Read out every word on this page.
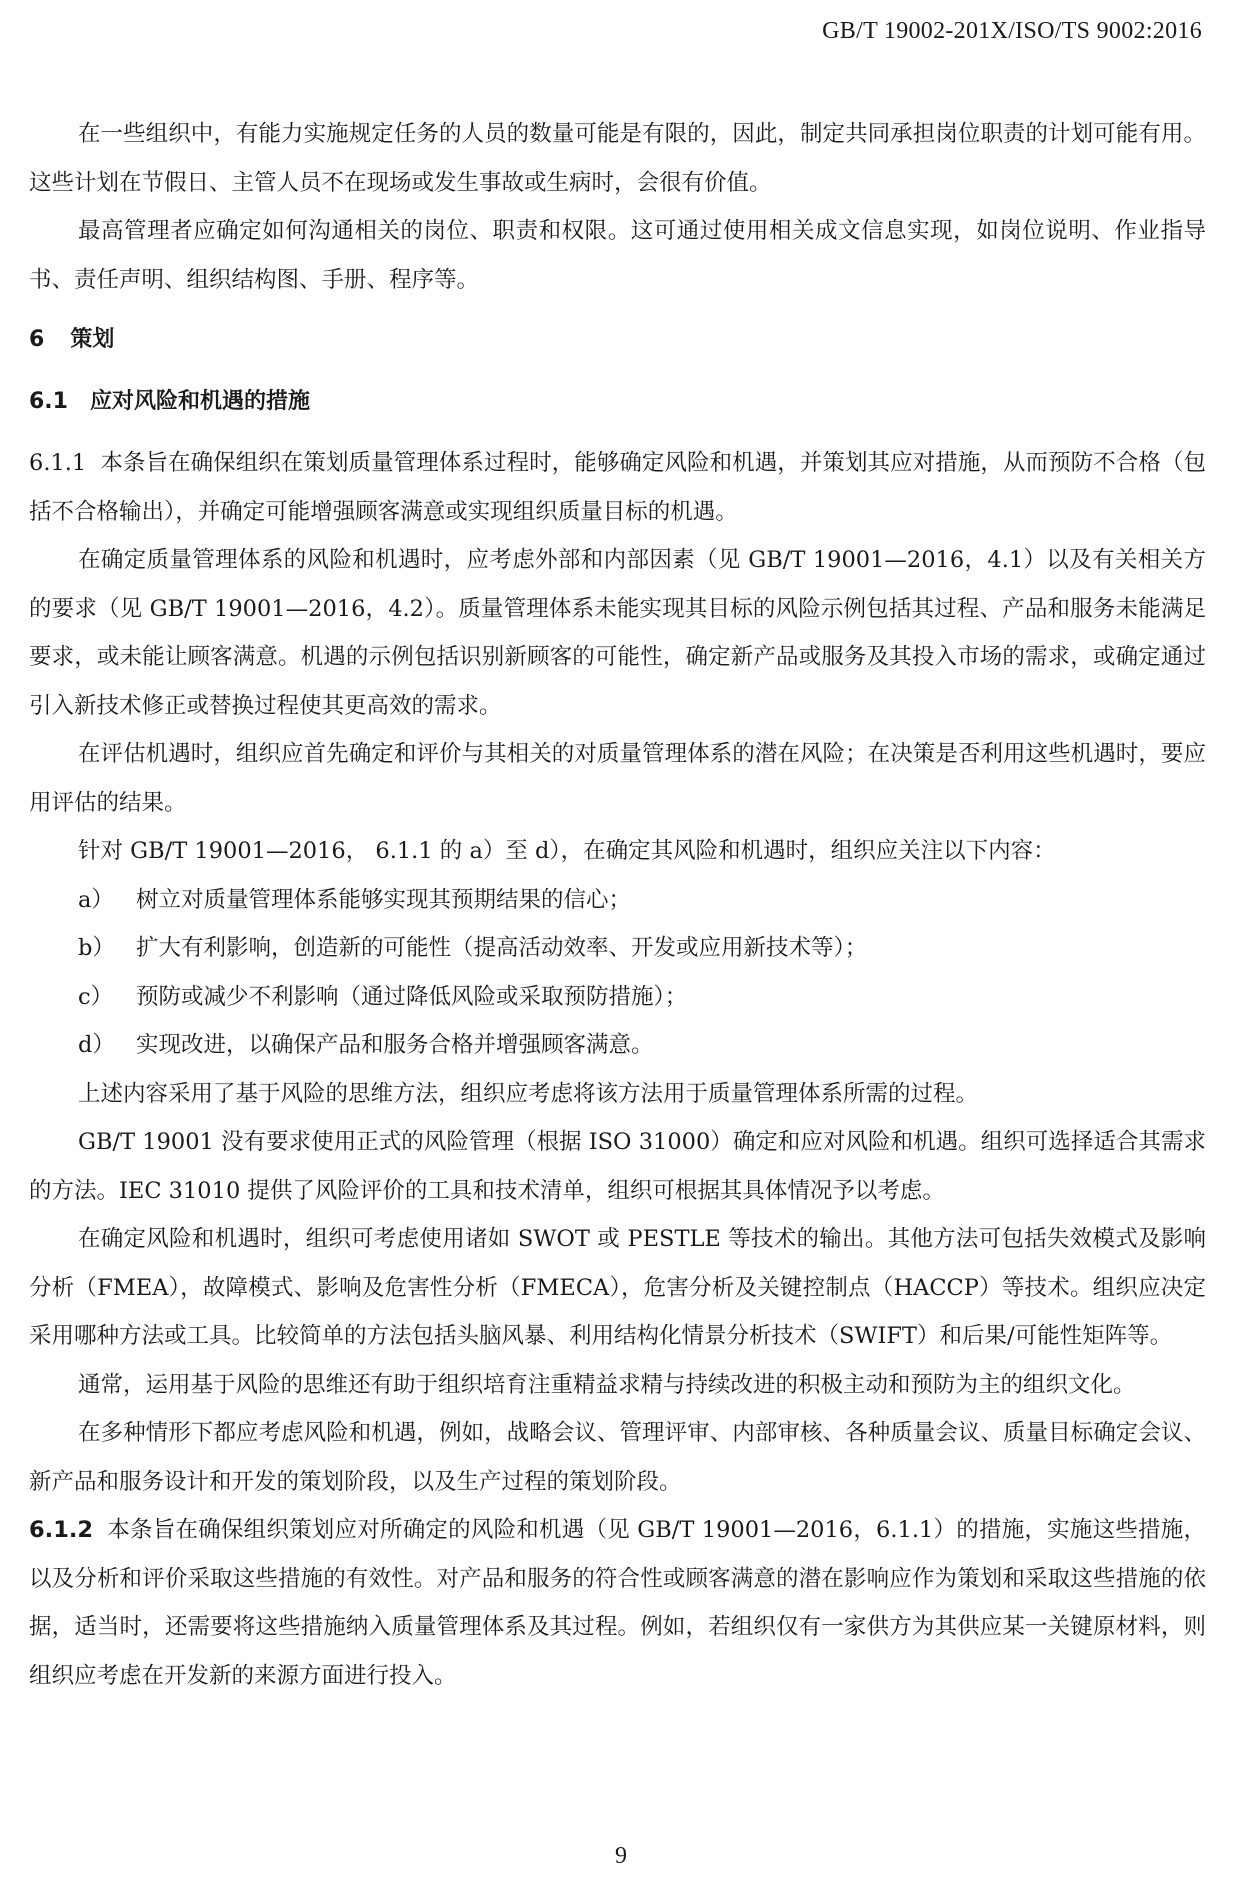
GB/T 19002-201X/ISO/TS 9002:2016

在一些组织中，有能力实施规定任务的人员的数量可能是有限的，因此，制定共同承担岗位职责的计划可能有用。这些计划在节假日、主管人员不在现场或发生事故或生病时，会很有价值。

最高管理者应确定如何沟通相关的岗位、职责和权限。这可通过使用相关成文信息实现，如岗位说明、作业指导书、责任声明、组织结构图、手册、程序等。

6 策划

6.1 应对风险和机遇的措施

6.1.1 本条旨在确保组织在策划质量管理体系过程时，能够确定风险和机遇，并策划其应对措施，从而预防不合格（包括不合格输出），并确定可能增强顾客满意或实现组织质量目标的机遇。

在确定质量管理体系的风险和机遇时，应考虑外部和内部因素（见 GB/T 19001—2016，4.1）以及有关相关方的要求（见 GB/T 19001—2016，4.2）。质量管理体系未能实现其目标的风险示例包括其过程、产品和服务未能满足要求，或未能让顾客满意。机遇的示例包括识别新顾客的可能性，确定新产品或服务及其投入市场的需求，或确定通过引入新技术修正或替换过程使其更高效的需求。

在评估机遇时，组织应首先确定和评价与其相关的对质量管理体系的潜在风险；在决策是否利用这些机遇时，要应用评估的结果。

针对 GB/T 19001—2016， 6.1.1 的 a）至 d），在确定其风险和机遇时，组织应关注以下内容：

a） 树立对质量管理体系能够实现其预期结果的信心；

b） 扩大有利影响，创造新的可能性（提高活动效率、开发或应用新技术等）；

c） 预防或减少不利影响（通过降低风险或采取预防措施）；

d） 实现改进，以确保产品和服务合格并增强顾客满意。

上述内容采用了基于风险的思维方法，组织应考虑将该方法用于质量管理体系所需的过程。

GB/T 19001 没有要求使用正式的风险管理（根据 ISO 31000）确定和应对风险和机遇。组织可选择适合其需求的方法。IEC 31010 提供了风险评价的工具和技术清单，组织可根据其具体情况予以考虑。

在确定风险和机遇时，组织可考虑使用诸如 SWOT 或 PESTLE 等技术的输出。其他方法可包括失效模式及影响分析（FMEA），故障模式、影响及危害性分析（FMECA），危害分析及关键控制点（HACCP）等技术。组织应决定采用哪种方法或工具。比较简单的方法包括头脑风暴、利用结构化情景分析技术（SWIFT）和后果/可能性矩阵等。

通常，运用基于风险的思维还有助于组织培育注重精益求精与持续改进的积极主动和预防为主的组织文化。

在多种情形下都应考虑风险和机遇，例如，战略会议、管理评审、内部审核、各种质量会议、质量目标确定会议、新产品和服务设计和开发的策划阶段，以及生产过程的策划阶段。

6.1.2 本条旨在确保组织策划应对所确定的风险和机遇（见 GB/T 19001—2016，6.1.1）的措施，实施这些措施，以及分析和评价采取这些措施的有效性。对产品和服务的符合性或顾客满意的潜在影响应作为策划和采取这些措施的依据，适当时，还需要将这些措施纳入质量管理体系及其过程。例如，若组织仅有一家供方为其供应某一关键原材料，则组织应考虑在开发新的来源方面进行投入。

9
